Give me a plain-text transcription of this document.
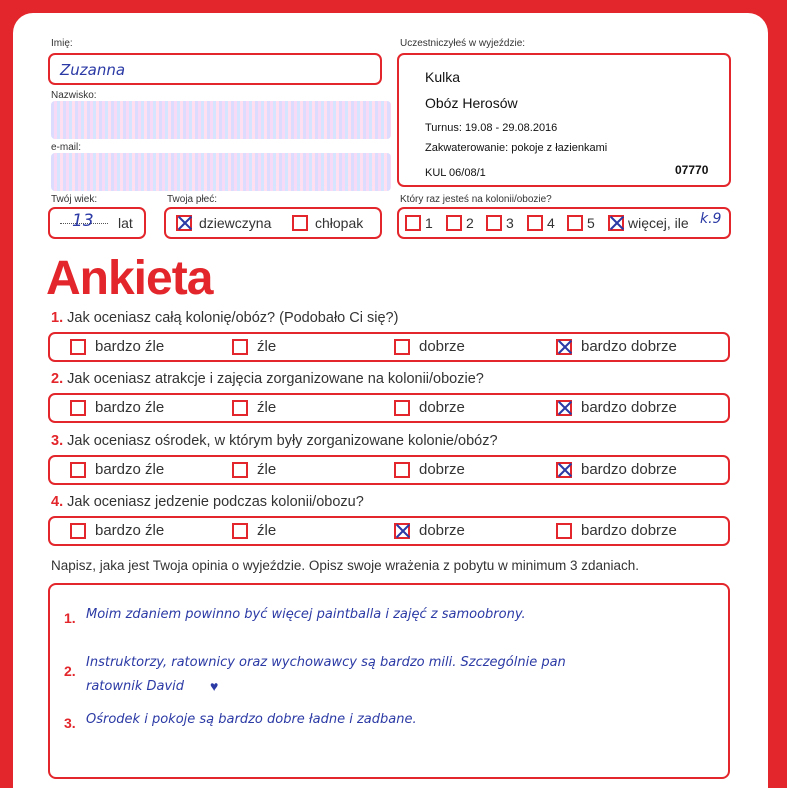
Imię:
Zuzanna
Nazwisko:
e-mail:
Twój wiek:
13 lat
Twoja płeć:
dziewczyna	chłopak
Uczestniczyłeś w wyjeździe:
Kulka
Obóz Herosów
Turnus: 19.08 - 29.08.2016
Zakwaterowanie: pokoje z łazienkami
KUL 06/08/1	07770
Który raz jesteś na kolonii/obozie?
1 2 3 4 5 więcej, ile k.9
Ankieta
1. Jak oceniasz całą kolonię/obóz? (Podobało Ci się?)
bardzo źle	źle	dobrze	bardzo dobrze
2. Jak oceniasz atrakcje i zajęcia zorganizowane na kolonii/obozie?
bardzo źle	źle	dobrze	bardzo dobrze
3. Jak oceniasz ośrodek, w którym były zorganizowane kolonie/obóz?
bardzo źle	źle	dobrze	bardzo dobrze
4. Jak oceniasz jedzenie podczas kolonii/obozu?
bardzo źle	źle	dobrze	bardzo dobrze
Napisz, jaka jest Twoja opinia o wyjeździe. Opisz swoje wrażenia z pobytu w minimum 3 zdaniach.
1. Moim zdaniem powinno być więcej paintballa i zajęć z samoobrony.
2.
Instruktorzy, ratownicy oraz wychowawcy są bardzo mili. Szczególnie pan
ratownik David ♥
3. Ośrodek i pokoje są bardzo dobre ładne i zadbane.
